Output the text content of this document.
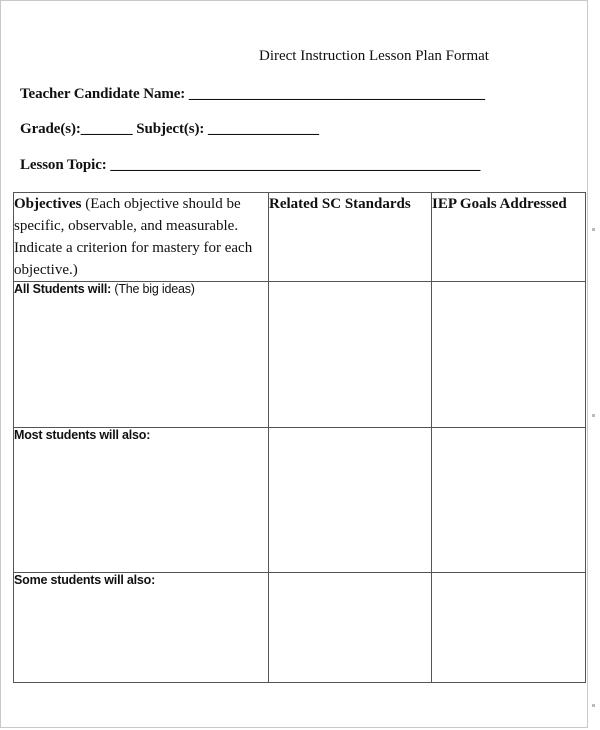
Direct Instruction Lesson Plan Format
Teacher Candidate Name: ________________________________________
Grade(s):_______ Subject(s): _______________
Lesson Topic: __________________________________________________
Objectives (Each objective should be specific, observable, and measurable. Indicate a criterion for mastery for each objective.)	Related SC Standards	IEP Goals Addressed
All Students will: (The big ideas)		
Most students will also:		
Some students will also:		
